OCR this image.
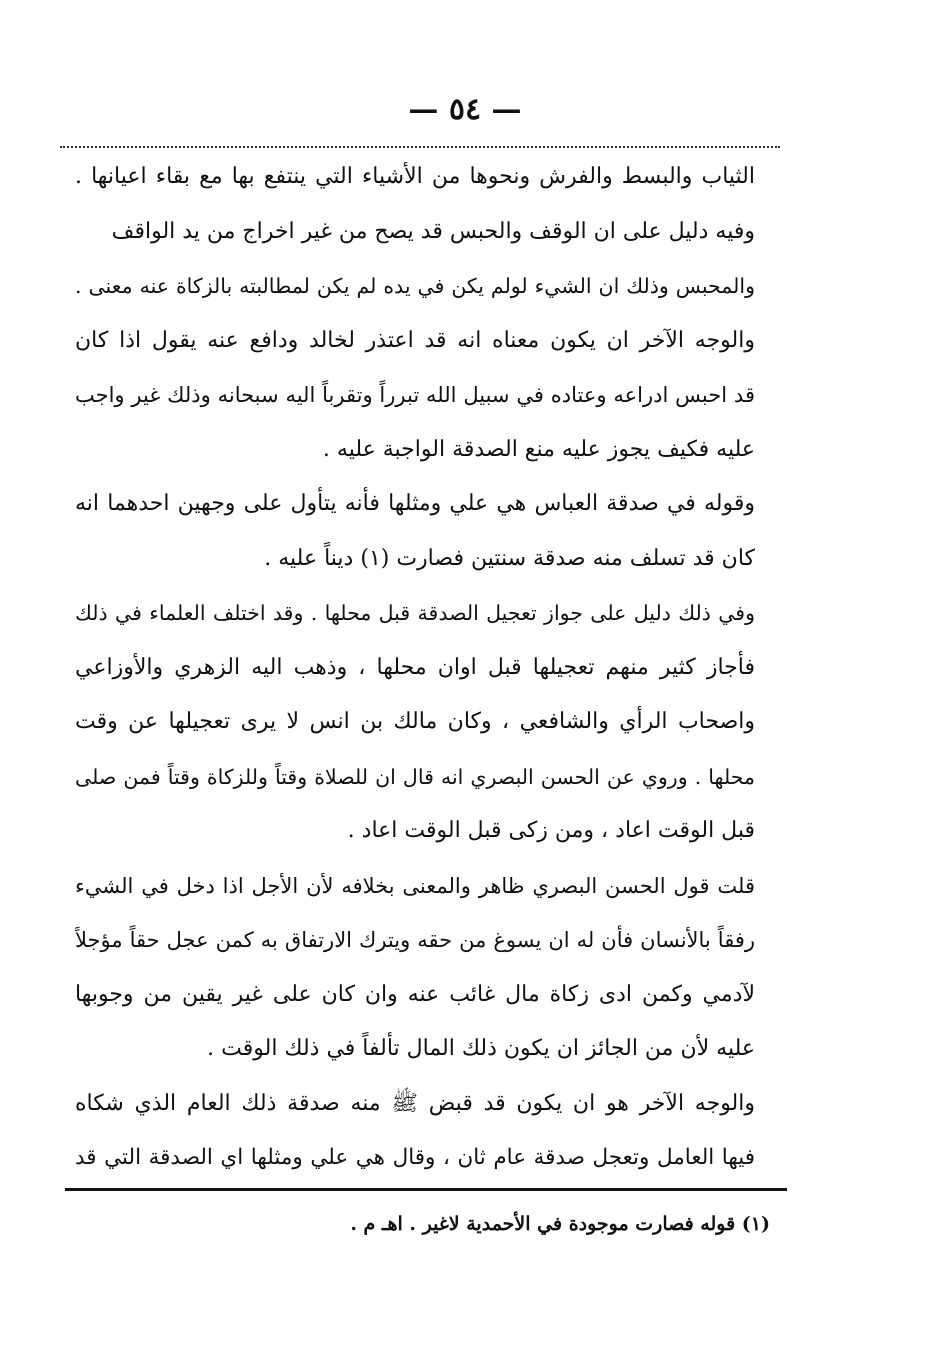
— ٥٤ —
الثياب والبسط والفرش ونحوها من الأشياء التي ينتفع بها مع بقاء اعيانها .
وفيه دليل على ان الوقف والحبس قد يصح من غير اخراج من يد الواقف
والمحبس وذلك ان الشيء لولم يكن في يده لم يكن لمطالبته بالزكاة عنه معنى .
والوجه الآخر ان يكون معناه انه قد اعتذر لخالد ودافع عنه يقول اذا كان
قد احبس ادراعه وعتاده في سبيل الله تبرراً وتقرباً اليه سبحانه وذلك غير واجب
عليه فكيف يجوز عليه منع الصدقة الواجبة عليه .
وقوله في صدقة العباس هي علي ومثلها فأنه يتأول على وجهين احدهما انه
كان قد تسلف منه صدقة سنتين فصارت (١) ديناً عليه .
وفي ذلك دليل على جواز تعجيل الصدقة قبل محلها . وقد اختلف العلماء في ذلك
فأجاز كثير منهم تعجيلها قبل اوان محلها ، وذهب اليه الزهري والأوزاعي
واصحاب الرأي والشافعي ، وكان مالك بن انس لا يرى تعجيلها عن وقت
محلها . وروي عن الحسن البصري انه قال ان للصلاة وقتاً وللزكاة وقتاً فمن صلى
قبل الوقت اعاد ، ومن زكى قبل الوقت اعاد .
قلت قول الحسن البصري ظاهر والمعنى بخلافه لأن الأجل اذا دخل في الشيء
رفقاً بالأنسان فأن له ان يسوغ من حقه ويترك الارتفاق به كمن عجل حقاً مؤجلاً
لآدمي وكمن ادى زكاة مال غائب عنه وان كان على غير يقين من وجوبها
عليه لأن من الجائز ان يكون ذلك المال تألفاً في ذلك الوقت .
والوجه الآخر هو ان يكون قد قبض ﷺ منه صدقة ذلك العام الذي شكاه
فيها العامل وتعجل صدقة عام ثان ، وقال هي علي ومثلها اي الصدقة التي قد
(١) قوله فصارت موجودة في الأحمدية لاغير . اهـ م .
